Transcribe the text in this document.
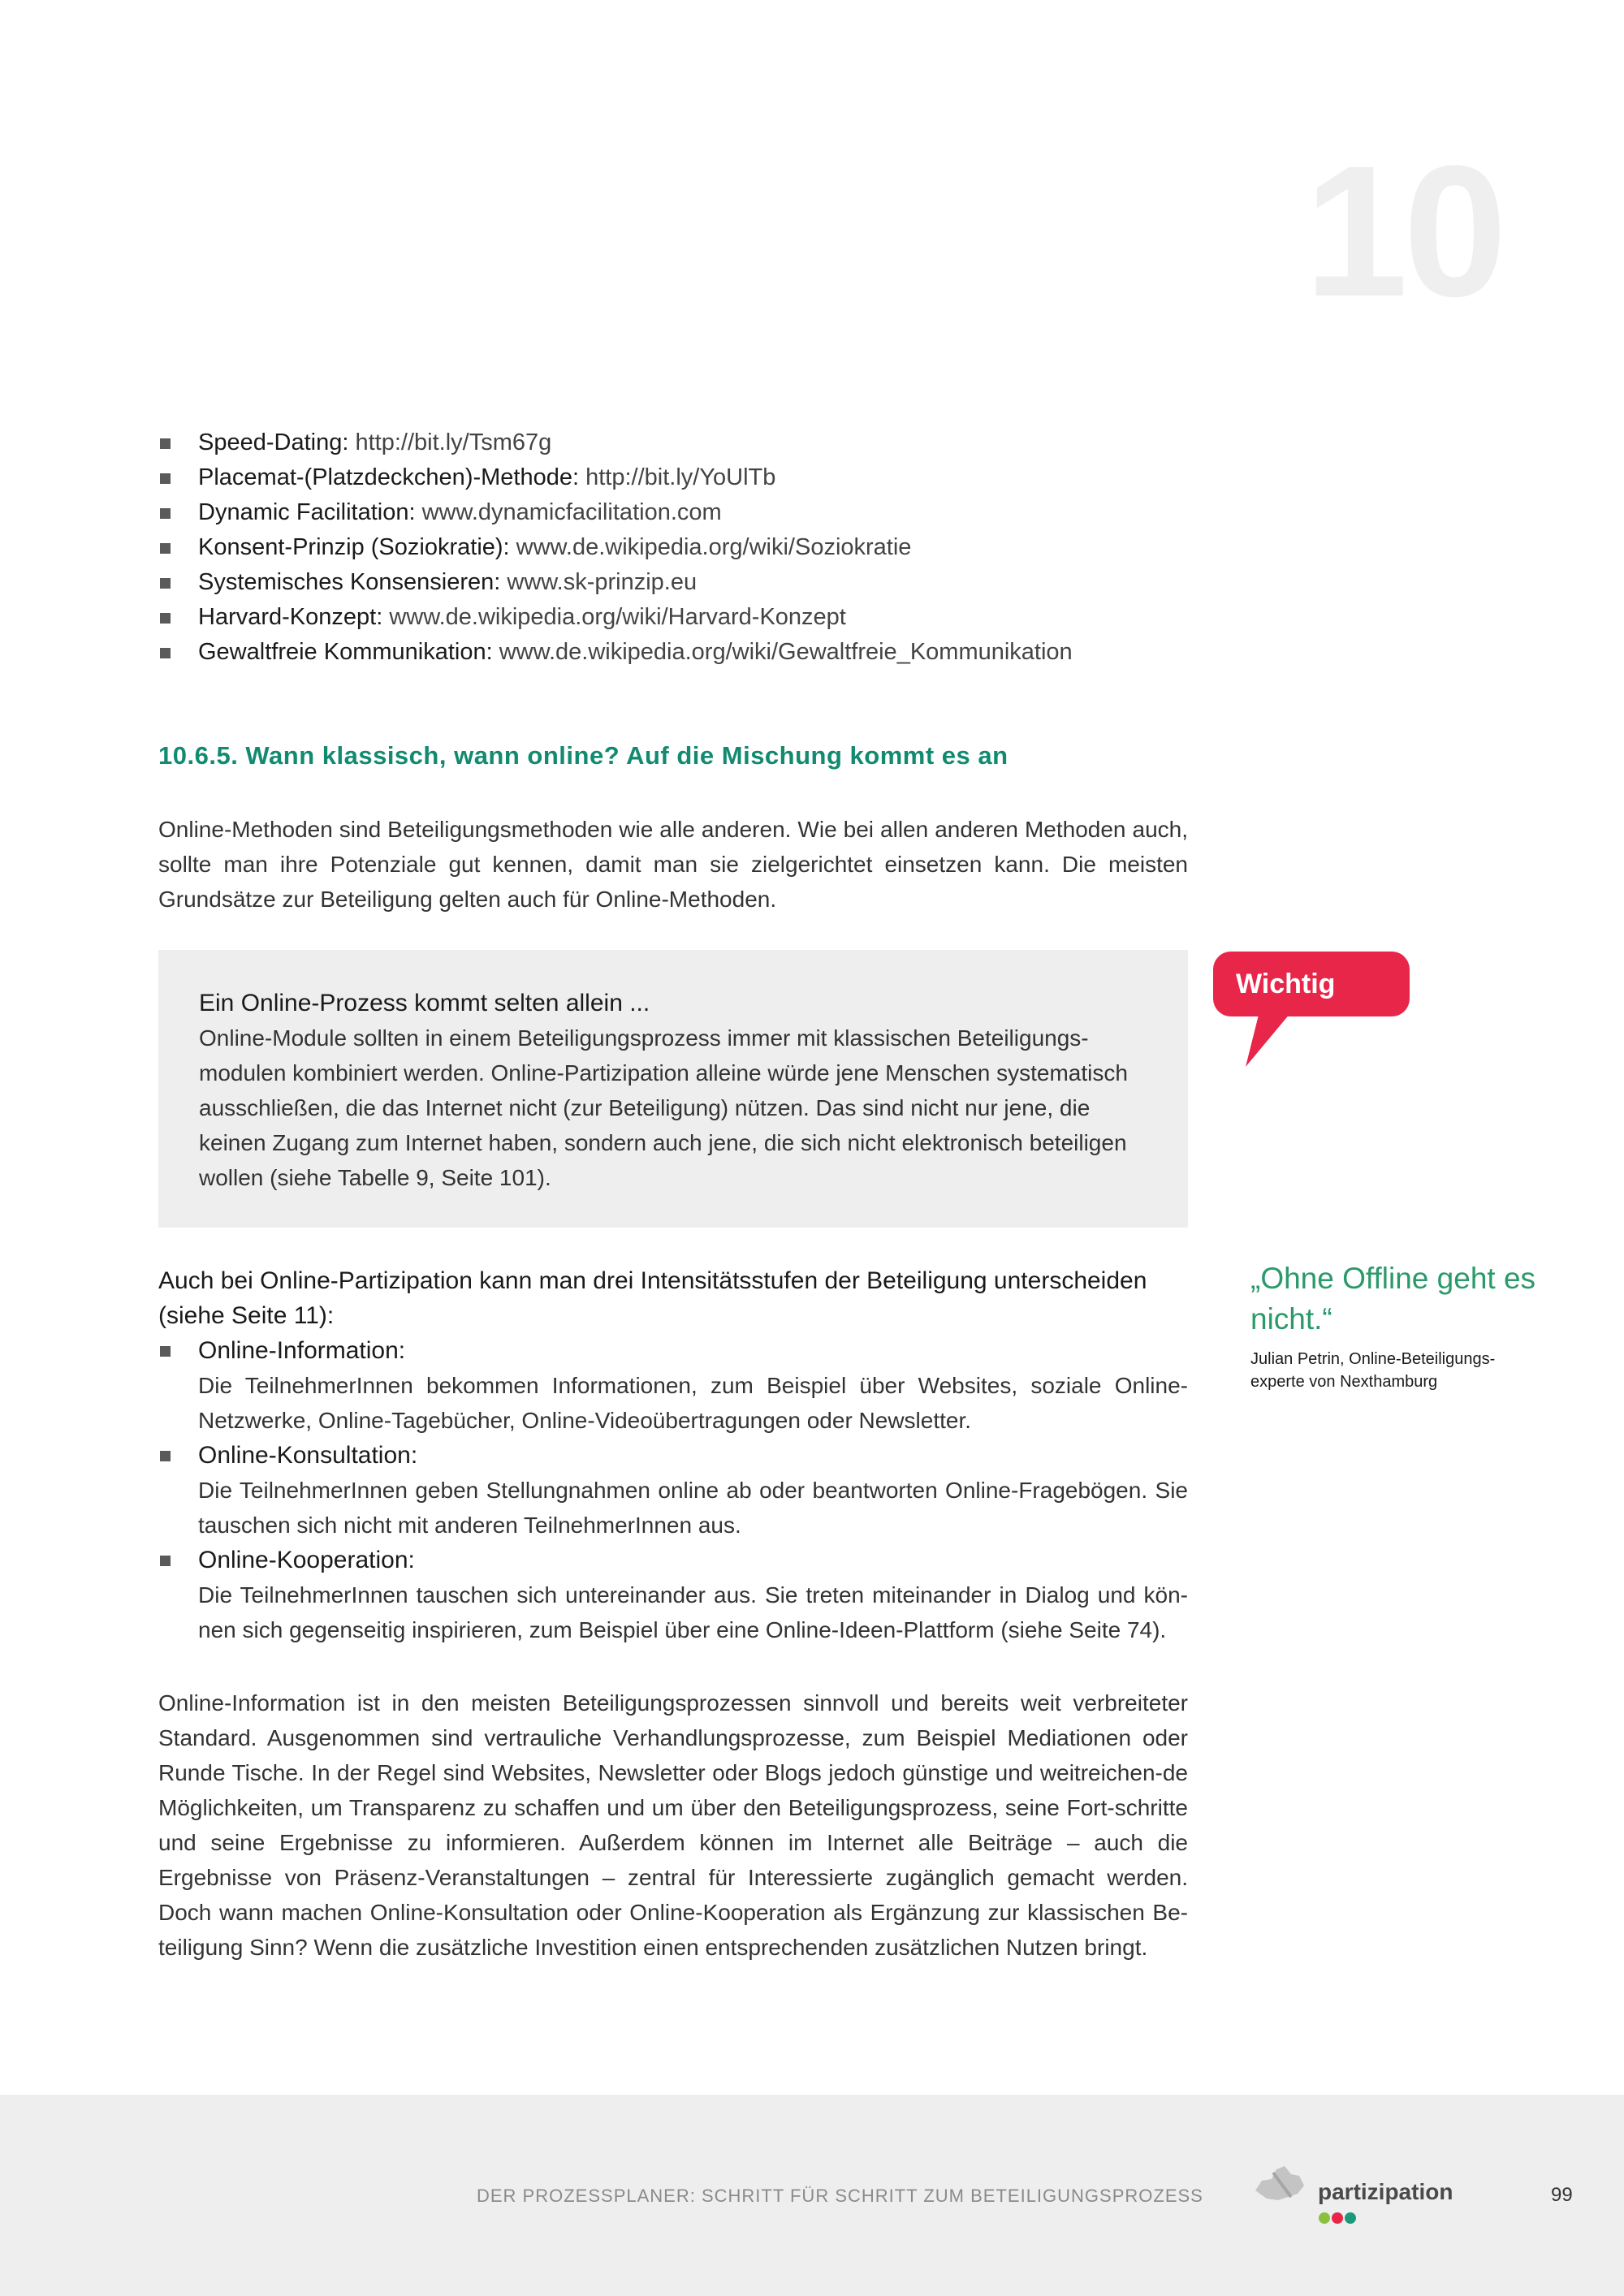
10
Speed-Dating: http://bit.ly/Tsm67g
Placemat-(Platzdeckchen)-Methode: http://bit.ly/YoUlTb
Dynamic Facilitation: www.dynamicfacilitation.com
Konsent-Prinzip (Soziokratie): www.de.wikipedia.org/wiki/Soziokratie
Systemisches Konsensieren: www.sk-prinzip.eu
Harvard-Konzept: www.de.wikipedia.org/wiki/Harvard-Konzept
Gewaltfreie Kommunikation: www.de.wikipedia.org/wiki/Gewaltfreie_Kommunikation
10.6.5. Wann klassisch, wann online? Auf die Mischung kommt es an

Online-Methoden sind Beteiligungsmethoden wie alle anderen. Wie bei allen anderen Methoden auch, sollte man ihre Potenziale gut kennen, damit man sie zielgerichtet einsetzen kann. Die meisten Grundsätze zur Beteiligung gelten auch für Online-Methoden.

Ein Online-Prozess kommt selten allein ...

Online-Module sollten in einem Beteiligungsprozess immer mit klassischen Beteiligungs-modulen kombiniert werden. Online-Partizipation alleine würde jene Menschen systematisch ausschließen, die das Internet nicht (zur Beteiligung) nützen. Das sind nicht nur jene, die keinen Zugang zum Internet haben, sondern auch jene, die sich nicht elektronisch beteiligen wollen (siehe Tabelle 9, Seite 101).

Wichtig

„Ohne Offline geht es nicht.“

Julian Petrin, Online-Beteiligungs-experte von Nexthamburg

Auch bei Online-Partizipation kann man drei Intensitätsstufen der Beteiligung unterscheiden (siehe Seite 11):

Online-Information:

Die TeilnehmerInnen bekommen Informationen, zum Beispiel über Websites, soziale Online-Netzwerke, Online-Tagebücher, Online-Videoübertragungen oder Newsletter.

Online-Konsultation:

Die TeilnehmerInnen geben Stellungnahmen online ab oder beantworten Online-Fragebögen. Sie tauschen sich nicht mit anderen TeilnehmerInnen aus.

Online-Kooperation:

Die TeilnehmerInnen tauschen sich untereinander aus. Sie treten miteinander in Dialog und kön-nen sich gegenseitig inspirieren, zum Beispiel über eine Online-Ideen-Plattform (siehe Seite 74).

Online-Information ist in den meisten Beteiligungsprozessen sinnvoll und bereits weit verbreiteter Standard. Ausgenommen sind vertrauliche Verhandlungsprozesse, zum Beispiel Mediationen oder Runde Tische. In der Regel sind Websites, Newsletter oder Blogs jedoch günstige und weitreichen-de Möglichkeiten, um Transparenz zu schaffen und um über den Beteiligungsprozess, seine Fort-schritte und seine Ergebnisse zu informieren. Außerdem können im Internet alle Beiträge – auch die Ergebnisse von Präsenz-Veranstaltungen – zentral für Interessierte zugänglich gemacht werden. Doch wann machen Online-Konsultation oder Online-Kooperation als Ergänzung zur klassischen Be-teiligung Sinn? Wenn die zusätzliche Investition einen entsprechenden zusätzlichen Nutzen bringt.

DER PROZESSPLANER: SCHRITT FÜR SCHRITT ZUM BETEILIGUNGSPROZESS	partizipation	99
